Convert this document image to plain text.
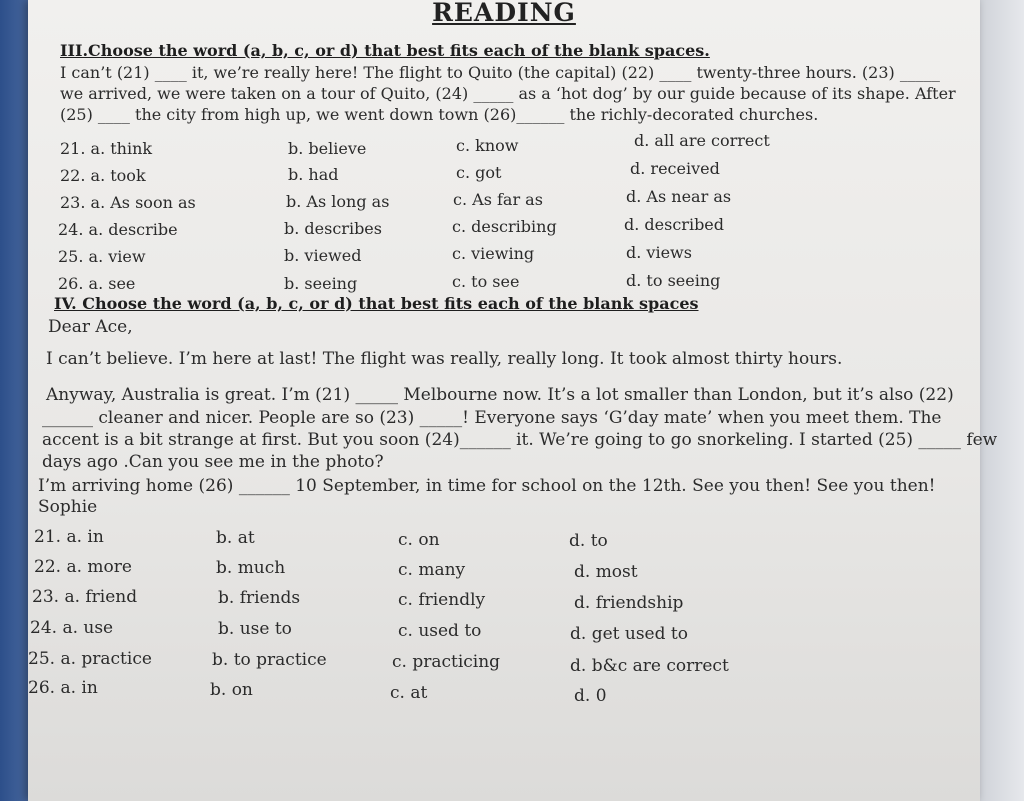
READING
III.Choose the word (a, b, c, or d) that best fits each of the blank spaces.
I can’t (21) ____ it, we’re really here! The flight to Quito (the capital) (22) ____ twenty-three hours. (23) _____
we arrived, we were taken on a tour of Quito, (24) _____ as a ‘hot dog’ by our guide because of its shape. After
(25) ____ the city from high up, we went down town (26)______ the richly-decorated churches.
21. a. think	b. believe	c. know	d. all are correct
22. a. took	b. had	c. got	d. received
23. a. As soon as	b. As long as	c. As far as	d. As near as
24. a. describe	b. describes	c. describing	d. described
25. a. view	b. viewed	c. viewing	d. views
26. a. see	b. seeing	c. to see	d. to seeing
IV. Choose the word (a, b, c, or d) that best fits each of the blank spaces
Dear Ace,
I can’t believe. I’m here at last! The flight was really, really long. It took almost thirty hours.
Anyway, Australia is great. I’m (21) _____ Melbourne now. It’s a lot smaller than London, but it’s also (22)
______ cleaner and nicer. People are so (23) _____! Everyone says ‘G’day mate’ when you meet them. The
accent is a bit strange at first. But you soon (24)______ it. We’re going to go snorkeling. I started (25) _____ few
days ago .Can you see me in the photo?
I’m arriving home (26) ______ 10 September, in time for school on the 12th. See you then! See you then!
Sophie
21. a. in	b. at	c. on	d. to
22. a. more	b. much	c. many	d. most
23. a. friend	b. friends	c. friendly	d. friendship
24. a. use	b. use to	c. used to	d. get used to
25. a. practice	b. to practice	c. practicing	d. b&c are correct
26. a. in	b. on	c. at	d. 0
